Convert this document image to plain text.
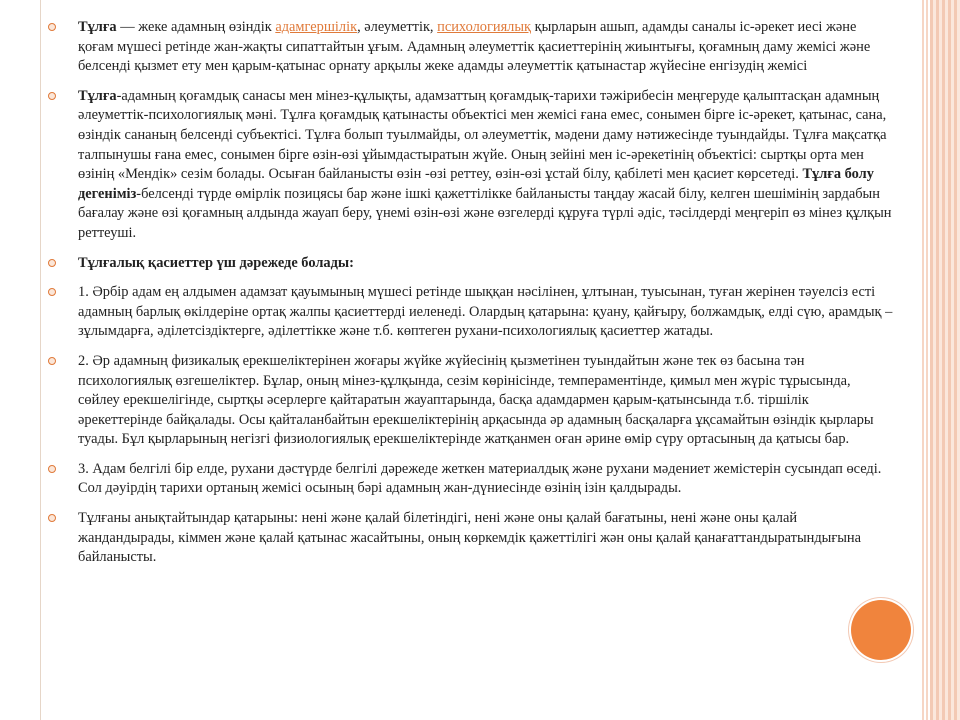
Тұлға — жеке адамның өзіндік адамгершілік, әлеуметтік, психологиялық қырларын ашып, адамды саналы іс-әрекет иесі және қоғам мүшесі ретінде жан-жақты сипаттайтын ұғым. Адамның әлеуметтік қасиеттерінің жиынтығы, қоғамның даму жемісі және белсенді қызмет ету мен қарым-қатынас орнату арқылы жеке адамды әлеуметтік қатынастар жүйесіне енгізудің жемісі
Тұлға-адамның қоғамдық санасы мен мінез-құлықты, адамзаттың қоғамдық-тарихи тәжірибесін меңгеруде қалыптасқан адамның әлеуметтік-психологиялық мәні. Тұлға қоғамдық қатынасты объектісі мен жемісі ғана емес, сонымен бірге іс-әрекет, қатынас, сана, өзіндік сананың белсенді субъектісі. Тұлға болып туылмайды, ол әлеуметтік, мәдени даму нәтижесінде туындайды. Тұлға мақсатқа талпынушы ғана емес, сонымен бірге өзін-өзі ұйымдастыратын жүйе. Оның зейіні мен іс-әрекетінің объектісі: сыртқы орта мен өзінің «Мендік» сезім болады. Осыған байланысты өзін -өзі реттеу, өзін-өзі ұстай білу, қабілеті мен қасиет көрсетеді. Тұлға болу дегеніміз-белсенді түрде өмірлік позицясы бар және ішкі қажеттілікке байланысты таңдау жасай білу, келген шешімінің зардабын бағалау және өзі қоғамның алдында жауап беру, үнемі өзін-өзі және өзгелерді құруға түрлі әдіс, тәсілдерді меңгеріп өз мінез құлқын реттеуші.
Тұлғалық қасиеттер үш дәрежеде болады:
1. Әрбір адам ең алдымен адамзат қауымының мүшесі ретінде шыққан нәсілінен, ұлтынан, туысынан, туған жерінен тәуелсіз есті адамның барлық өкілдеріне ортақ жалпы қасиеттерді иеленеді. Олардың қатарына: қуану, қайғыру, болжамдық, елді сүю, арамдық –зұлымдарға, әділетсіздіктерге, әділеттікке және т.б. көптеген рухани-психологиялық қасиеттер жатады.
2. Әр адамның физикалық ерекшеліктерінен жоғары жүйке жүйесінің қызметінен туындайтын және тек өз басына тән психологиялық өзгешеліктер. Бұлар, оның мінез-құлқында, сезім көрінісінде, темпераментінде, қимыл мен жүріс тұрысында, сөйлеу ерекшелігінде, сыртқы әсерлерге қайтаратын жауаптарында, басқа адамдармен қарым-қатынсында т.б. тіршілік әрекеттерінде байқалады. Осы қайталанбайтын ерекшеліктерінің арқасында әр адамның басқаларға ұқсамайтын өзіндік қырлары туады. Бұл қырларының негізгі физиологиялық ерекшеліктерінде жатқанмен оған әрине өмір сүру ортасының да қатысы бар.
3. Адам белгілі бір елде, рухани дәстүрде белгілі дәрежеде жеткен материалдық және рухани мәдениет жемістерін сусындап өседі. Сол дәуірдің тарихи ортаның жемісі осының бәрі адамның жан-дүниесінде өзінің ізін қалдырады.
Тұлғаны анықтайтындар қатарыны: нені және қалай білетіндігі, нені және оны қалай бағатыны, нені және оны қалай жандандырады, кіммен және қалай қатынас жасайтыны, оның көркемдік қажеттілігі жән оны қалай қанағаттандыратындығына байланысты.
